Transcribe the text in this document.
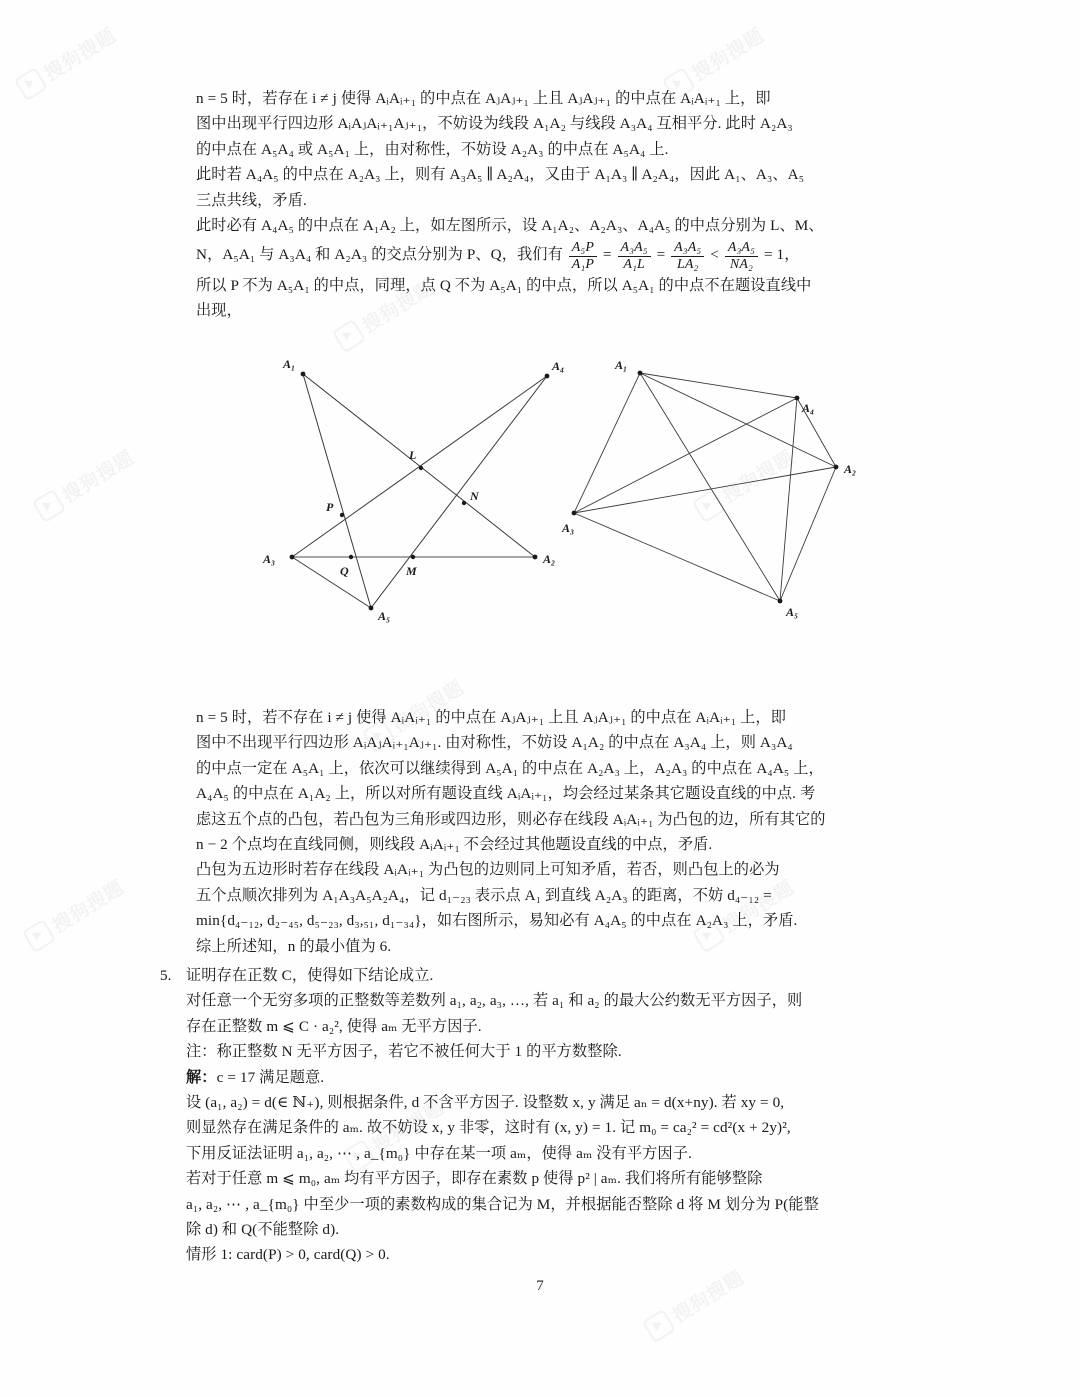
n = 5 时，若存在 i ≠ j 使得 AᵢAᵢ₊₁ 的中点在 AⱼAⱼ₊₁ 上且 AⱼAⱼ₊₁ 的中点在 AᵢAᵢ₊₁ 上，即
图中出现平行四边形 AᵢAⱼAᵢ₊₁Aⱼ₊₁，不妨设为线段 A₁A₂ 与线段 A₃A₄ 互相平分. 此时 A₂A₃
的中点在 A₅A₄ 或 A₅A₁ 上，由对称性，不妨设 A₂A₃ 的中点在 A₅A₄ 上.

此时若 A₄A₅ 的中点在 A₂A₃ 上，则有 A₃A₅ ∥ A₂A₄，又由于 A₁A₃ ∥ A₂A₄，因此 A₁、A₃、A₅
三点共线，矛盾.

此时必有 A₄A₅ 的中点在 A₁A₂ 上，如左图所示，设 A₁A₂、A₂A₃、A₄A₅ 的中点分别为 L、M、
N，A₅A₁ 与 A₃A₄ 和 A₂A₃ 的交点分别为 P、Q，我们有 $\frac{\text{A₅P}}{\text{A₁P}} = \frac{\text{A₃A₅}}{\text{A₁L}} = \frac{\text{A₃A₅}}{\text{LA₂}} < \frac{\text{A₃A₅}}{\text{NA₂}} = 1$，
所以 P 不为 A₅A₁ 的中点，同理，点 Q 不为 A₅A₁ 的中点，所以 A₅A₁ 的中点不在题设直线中
出现，

A₁	A₄
A₂
A₃
A₅
L
M
N
P
Q
A₁
A₄
A₂
A₃
A₅

n = 5 时，若不存在 i ≠ j 使得 AᵢAᵢ₊₁ 的中点在 AⱼAⱼ₊₁ 上且 AⱼAⱼ₊₁ 的中点在 AᵢAᵢ₊₁ 上，即
图中不出现平行四边形 AᵢAⱼAᵢ₊₁Aⱼ₊₁. 由对称性，不妨设 A₁A₂ 的中点在 A₃A₄ 上，则 A₃A₄
的中点一定在 A₅A₁ 上，依次可以继续得到 A₅A₁ 的中点在 A₂A₃ 上，A₂A₃ 的中点在 A₄A₅ 上，
A₄A₅ 的中点在 A₁A₂ 上，所以对所有题设直线 AᵢAᵢ₊₁，均会经过某条其它题设直线的中点. 考
虑这五个点的凸包，若凸包为三角形或四边形，则必存在线段 AᵢAᵢ₊₁ 为凸包的边，所有其它的
n − 2 个点均在直线同侧，则线段 AᵢAᵢ₊₁ 不会经过其他题设直线的中点，矛盾.

凸包为五边形时若存在线段 AᵢAᵢ₊₁ 为凸包的边则同上可知矛盾，若否，则凸包上的必为
五个点顺次排列为 A₁A₃A₅A₂A₄，记 d₁₋₂₃ 表示点 A₁ 到直线 A₂A₃ 的距离，不妨 d₄₋₁₂ =
min{d₄₋₁₂, d₂₋₄₅, d₅₋₂₃, d₃,₅₁, d₁₋₃₄}，如右图所示，易知必有 A₄A₅ 的中点在 A₂A₃ 上，矛盾.

综上所述知，n 的最小值为 6.

5. 证明存在正数 C，使得如下结论成立.
对任意一个无穷多项的正整数等差数列 a₁, a₂, a₃, …, 若 a₁ 和 a₂ 的最大公约数无平方因子，则
存在正整数 m ⩽ C · a₂², 使得 aₘ 无平方因子.

注：称正整数 N 无平方因子，若它不被任何大于 1 的平方数整除.

解：c = 17 满足题意.

设 (a₁, a₂) = d(∈ ℕ₊), 则根据条件, d 不含平方因子. 设整数 x, y 满足 aₙ = d(x+ny). 若 xy = 0,
则显然存在满足条件的 aₘ. 故不妨设 x, y 非零，这时有 (x, y) = 1. 记 m₀ = ca₂² = cd²(x + 2y)²,
下用反证法证明 a₁, a₂, ⋯ , a_{m₀} 中存在某一项 aₘ，使得 aₘ 没有平方因子.

若对于任意 m ⩽ m₀, aₘ 均有平方因子，即存在素数 p 使得 p² | aₘ. 我们将所有能够整除
a₁, a₂, ⋯ , a_{m₀} 中至少一项的素数构成的集合记为 M，并根据能否整除 d 将 M 划分为 P(能整
除 d) 和 Q(不能整除 d).

情形 1: card(P) > 0, card(Q) > 0.

7
